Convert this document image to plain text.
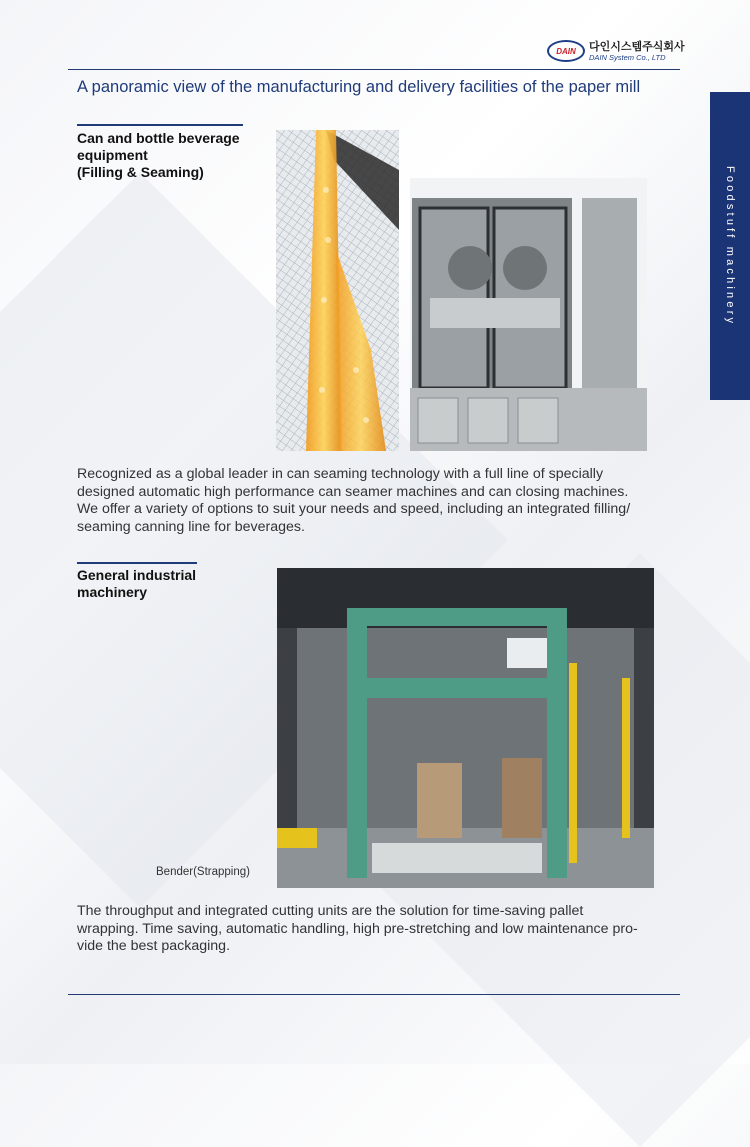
DAIN	다인시스템주식회사
DAIN System Co., LTD
A panoramic view of the manufacturing and delivery facilities of the paper mill
Foodstuff machinery
Can and bottle beverage
equipment
(Filling & Seaming)
Recognized as a global leader in can seaming technology with a full line of specially
designed automatic high performance can seamer machines and can closing machines.
We offer a variety of options to suit your needs and speed, including an integrated filling/
seaming canning line for beverages.
General industrial
machinery
Bender(Strapping)
The throughput and integrated cutting units are the solution for time-saving pallet
wrapping. Time saving, automatic handling, high pre-stretching and low maintenance pro-
vide the best packaging.
